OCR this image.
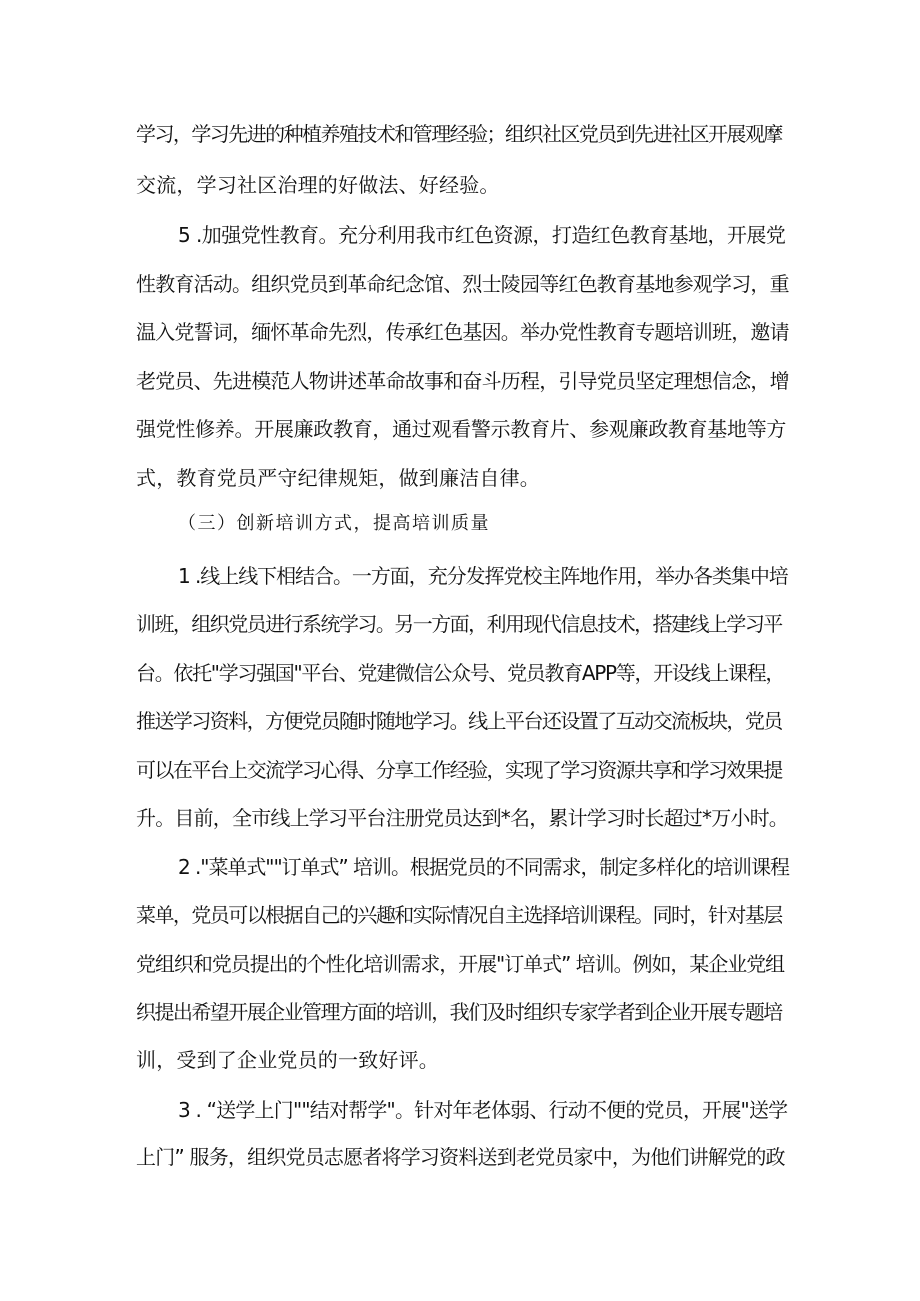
学习，学习先进的种植养殖技术和管理经验；组织社区党员到先进社区开展观摩
交流，学习社区治理的好做法、好经验。
5 .加强党性教育。充分利用我市红色资源，打造红色教育基地，开展党
性教育活动。组织党员到革命纪念馆、烈士陵园等红色教育基地参观学习，重
温入党誓词，缅怀革命先烈，传承红色基因。举办党性教育专题培训班，邀请
老党员、先进模范人物讲述革命故事和奋斗历程，引导党员坚定理想信念，增
强党性修养。开展廉政教育，通过观看警示教育片、参观廉政教育基地等方
式，教育党员严守纪律规矩，做到廉洁自律。
（三）创新培训方式，提高培训质量
1 .线上线下相结合。一方面，充分发挥党校主阵地作用，举办各类集中培
训班，组织党员进行系统学习。另一方面，利用现代信息技术，搭建线上学习平
台。依托"学习强国"平台、党建微信公众号、党员教育APP等，开设线上课程，
推送学习资料，方便党员随时随地学习。线上平台还设置了互动交流板块，党员
可以在平台上交流学习心得、分享工作经验，实现了学习资源共享和学习效果提
升。目前，全市线上学习平台注册党员达到*名，累计学习时长超过*万小时。
2 ."菜单式""订单式” 培训。根据党员的不同需求，制定多样化的培训课程
菜单，党员可以根据自己的兴趣和实际情况自主选择培训课程。同时，针对基层
党组织和党员提出的个性化培训需求，开展"订单式” 培训。例如，某企业党组
织提出希望开展企业管理方面的培训，我们及时组织专家学者到企业开展专题培
训，受到了企业党员的一致好评。
3 . “送学上门""结对帮学"。针对年老体弱、行动不便的党员，开展"送学
上门” 服务，组织党员志愿者将学习资料送到老党员家中，为他们讲解党的政
